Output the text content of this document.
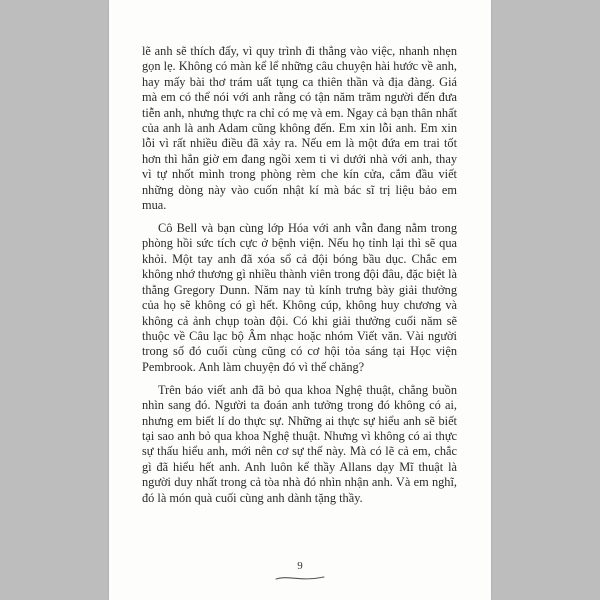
lẽ anh sẽ thích đấy, vì quy trình đi thẳng vào việc, nhanh nhẹn gọn lẹ. Không có màn kể lể những câu chuyện hài hước về anh, hay mấy bài thơ trám uất tụng ca thiên thần và địa đàng. Giá mà em có thể nói với anh rằng có tận năm trăm người đến đưa tiễn anh, nhưng thực ra chỉ có mẹ và em. Ngay cả bạn thân nhất của anh là anh Adam cũng không đến. Em xin lỗi anh. Em xin lỗi vì rất nhiều điều đã xảy ra. Nếu em là một đứa em trai tốt hơn thì hẳn giờ em đang ngồi xem ti vi dưới nhà với anh, thay vì tự nhốt mình trong phòng rèm che kín cửa, cắm đầu viết những dòng này vào cuốn nhật kí mà bác sĩ trị liệu bảo em mua.

Cô Bell và bạn cùng lớp Hóa với anh vẫn đang nằm trong phòng hồi sức tích cực ở bệnh viện. Nếu họ tỉnh lại thì sẽ qua khỏi. Một tay anh đã xóa sổ cả đội bóng bầu dục. Chắc em không nhớ thương gì nhiều thành viên trong đội đâu, đặc biệt là thằng Gregory Dunn. Năm nay tủ kính trưng bày giải thưởng của họ sẽ không có gì hết. Không cúp, không huy chương và không cả ảnh chụp toàn đội. Có khi giải thưởng cuối năm sẽ thuộc về Câu lạc bộ Âm nhạc hoặc nhóm Viết văn. Vài người trong số đó cuối cùng cũng có cơ hội tỏa sáng tại Học viện Pembrook. Anh làm chuyện đó vì thế chăng?

Trên báo viết anh đã bỏ qua khoa Nghệ thuật, chẳng buồn nhìn sang đó. Người ta đoán anh tưởng trong đó không có ai, nhưng em biết lí do thực sự. Những ai thực sự hiểu anh sẽ biết tại sao anh bỏ qua khoa Nghệ thuật. Nhưng vì không có ai thực sự thấu hiểu anh, mới nên cơ sự thế này. Mà có lẽ cả em, chắc gì đã hiểu hết anh. Anh luôn kể thầy Allans dạy Mĩ thuật là người duy nhất trong cả tòa nhà đó nhìn nhận anh. Và em nghĩ, đó là món quà cuối cùng anh dành tặng thầy.

9
